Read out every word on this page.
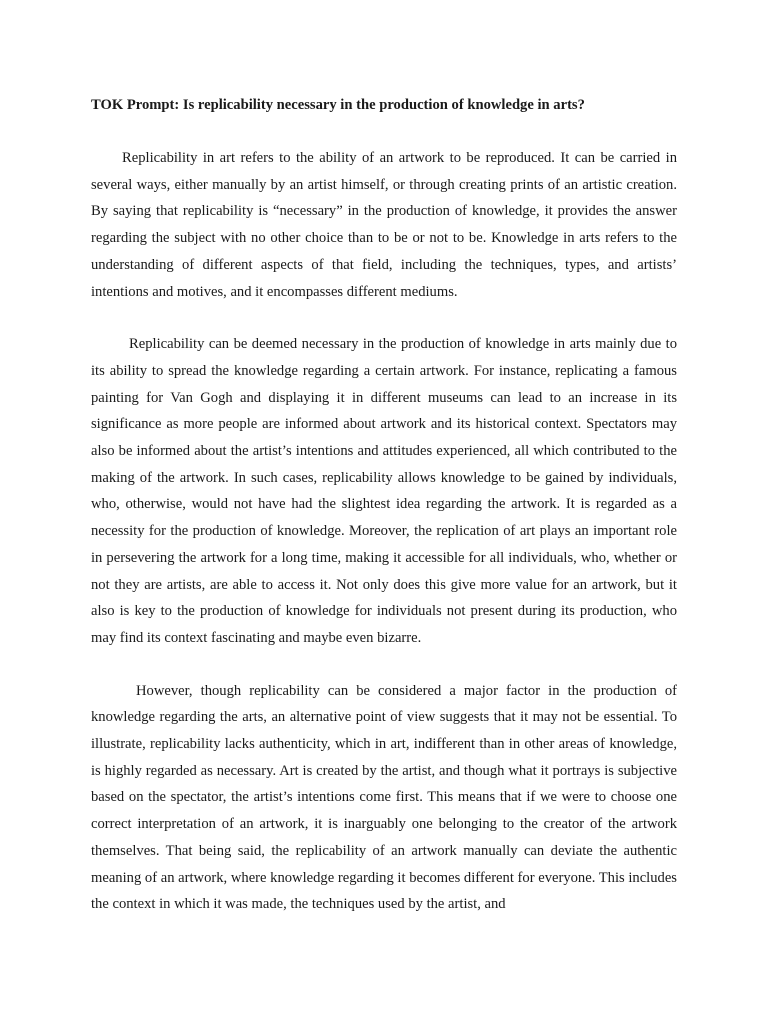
TOK Prompt: Is replicability necessary in the production of knowledge in arts?

Replicability in art refers to the ability of an artwork to be reproduced. It can be carried in several ways, either manually by an artist himself, or through creating prints of an artistic creation. By saying that replicability is “necessary” in the production of knowledge, it provides the answer regarding the subject with no other choice than to be or not to be. Knowledge in arts refers to the understanding of different aspects of that field, including the techniques, types, and artists’ intentions and motives, and it encompasses different mediums.

Replicability can be deemed necessary in the production of knowledge in arts mainly due to its ability to spread the knowledge regarding a certain artwork. For instance, replicating a famous painting for Van Gogh and displaying it in different museums can lead to an increase in its significance as more people are informed about artwork and its historical context. Spectators may also be informed about the artist’s intentions and attitudes experienced, all which contributed to the making of the artwork. In such cases, replicability allows knowledge to be gained by individuals, who, otherwise, would not have had the slightest idea regarding the artwork. It is regarded as a necessity for the production of knowledge. Moreover, the replication of art plays an important role in persevering the artwork for a long time, making it accessible for all individuals, who, whether or not they are artists, are able to access it. Not only does this give more value for an artwork, but it also is key to the production of knowledge for individuals not present during its production, who may find its context fascinating and maybe even bizarre.

However, though replicability can be considered a major factor in the production of knowledge regarding the arts, an alternative point of view suggests that it may not be essential. To illustrate, replicability lacks authenticity, which in art, indifferent than in other areas of knowledge, is highly regarded as necessary. Art is created by the artist, and though what it portrays is subjective based on the spectator, the artist’s intentions come first. This means that if we were to choose one correct interpretation of an artwork, it is inarguably one belonging to the creator of the artwork themselves. That being said, the replicability of an artwork manually can deviate the authentic meaning of an artwork, where knowledge regarding it becomes different for everyone. This includes the context in which it was made, the techniques used by the artist, and
